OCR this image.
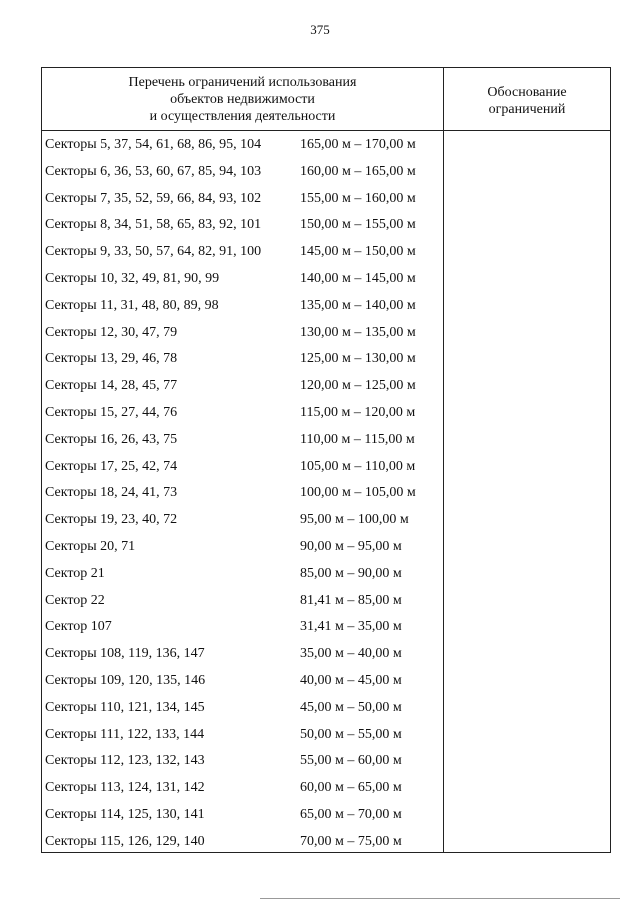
375
Перечень ограничений использования
объектов недвижимости
и осуществления деятельности
Обоснование
ограничений
Секторы 5, 37, 54, 61, 68, 86, 95, 104	165,00 м – 170,00 м
Секторы 6, 36, 53, 60, 67, 85, 94, 103	160,00 м – 165,00 м
Секторы 7, 35, 52, 59, 66, 84, 93, 102	155,00 м – 160,00 м
Секторы 8, 34, 51, 58, 65, 83, 92, 101	150,00 м – 155,00 м
Секторы 9, 33, 50, 57, 64, 82, 91, 100	145,00 м – 150,00 м
Секторы 10, 32, 49, 81, 90, 99	140,00 м – 145,00 м
Секторы 11, 31, 48, 80, 89, 98	135,00 м – 140,00 м
Секторы 12, 30, 47, 79	130,00 м – 135,00 м
Секторы 13, 29, 46, 78	125,00 м – 130,00 м
Секторы 14, 28, 45, 77	120,00 м – 125,00 м
Секторы 15, 27, 44, 76	115,00 м – 120,00 м
Секторы 16, 26, 43, 75	110,00 м – 115,00 м
Секторы 17, 25, 42, 74	105,00 м – 110,00 м
Секторы 18, 24, 41, 73	100,00 м – 105,00 м
Секторы 19, 23, 40, 72	95,00 м – 100,00 м
Секторы 20, 71	90,00 м – 95,00 м
Сектор 21	85,00 м – 90,00 м
Сектор 22	81,41 м – 85,00 м
Сектор 107	31,41 м – 35,00 м
Секторы 108, 119, 136, 147	35,00 м – 40,00 м
Секторы 109, 120, 135, 146	40,00 м – 45,00 м
Секторы 110, 121, 134, 145	45,00 м – 50,00 м
Секторы 111, 122, 133, 144	50,00 м – 55,00 м
Секторы 112, 123, 132, 143	55,00 м – 60,00 м
Секторы 113, 124, 131, 142	60,00 м – 65,00 м
Секторы 114, 125, 130, 141	65,00 м – 70,00 м
Секторы 115, 126, 129, 140	70,00 м – 75,00 м
